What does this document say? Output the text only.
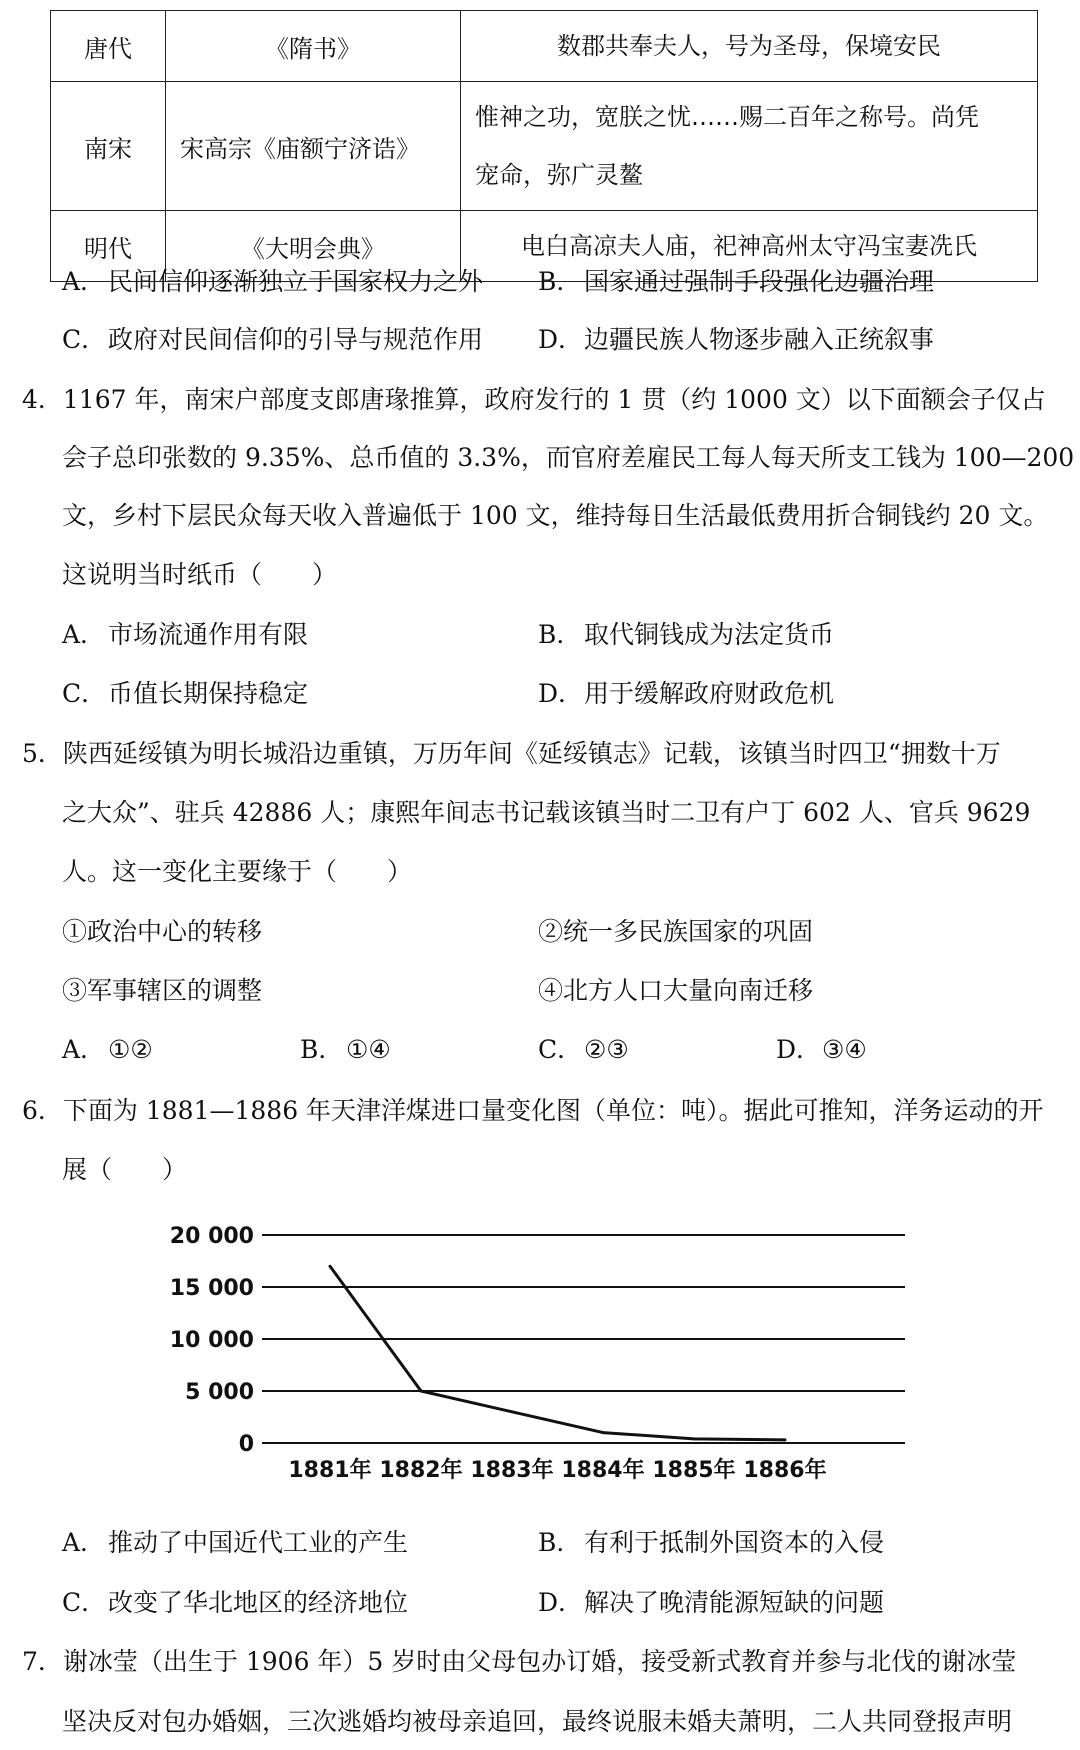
唐代	《隋书》	数郡共奉夫人，号为圣母，保境安民
南宋	宋高宗《庙额宁济诰》	惟神之功，宽朕之忧……赐二百年之称号。尚凭
宠命，弥广灵鳌

明代	《大明会典》	电白高凉夫人庙，祀神高州太守冯宝妻冼氏
A． 民间信仰逐渐独立于国家权力之外 B． 国家通过强制手段强化边疆治理
C．政府对民间信仰的引导与规范作用 D．边疆民族人物逐步融入正统叙事
4．1167 年，南宋户部度支郎唐瑑推算，政府发行的 1 贯（约 1000 文）以下面额会子仅占
会子总印张数的 9.35%、总币值的 3.3%，而官府差雇民工每人每天所支工钱为 100—200
文，乡村下层民众每天收入普遍低于 100 文，维持每日生活最低费用折合铜钱约 20 文。
这说明当时纸币（　　）
A． 市场流通作用有限	B． 取代铜钱成为法定货币
C．币值长期保持稳定	D．用于缓解政府财政危机
5．陕西延绥镇为明长城沿边重镇，万历年间《延绥镇志》记载，该镇当时四卫“拥数十万
之大众”、驻兵 42886 人；康熙年间志书记载该镇当时二卫有户丁 602 人、官兵 9629
人。这一变化主要缘于（　　）
①政治中心的转移	②统一多民族国家的巩固
③军事辖区的调整	④北方人口大量向南迁移
A． ①②	B． ①④	C．②③	D．③④
6．下面为 1881—1886 年天津洋煤进口量变化图（单位：吨）。据此可推知，洋务运动的开
展（　　）
20 000
15 000
10 000
5 000
0
1881年 1882年 1883年 1884年 1885年 1886年
A． 推动了中国近代工业的产生	B． 有利于抵制外国资本的入侵
C．改变了华北地区的经济地位	D．解决了晚清能源短缺的问题
7．谢冰莹（出生于 1906 年）5 岁时由父母包办订婚，接受新式教育并参与北伐的谢冰莹
坚决反对包办婚姻，三次逃婚均被母亲追回，最终说服未婚夫萧明，二人共同登报声明
